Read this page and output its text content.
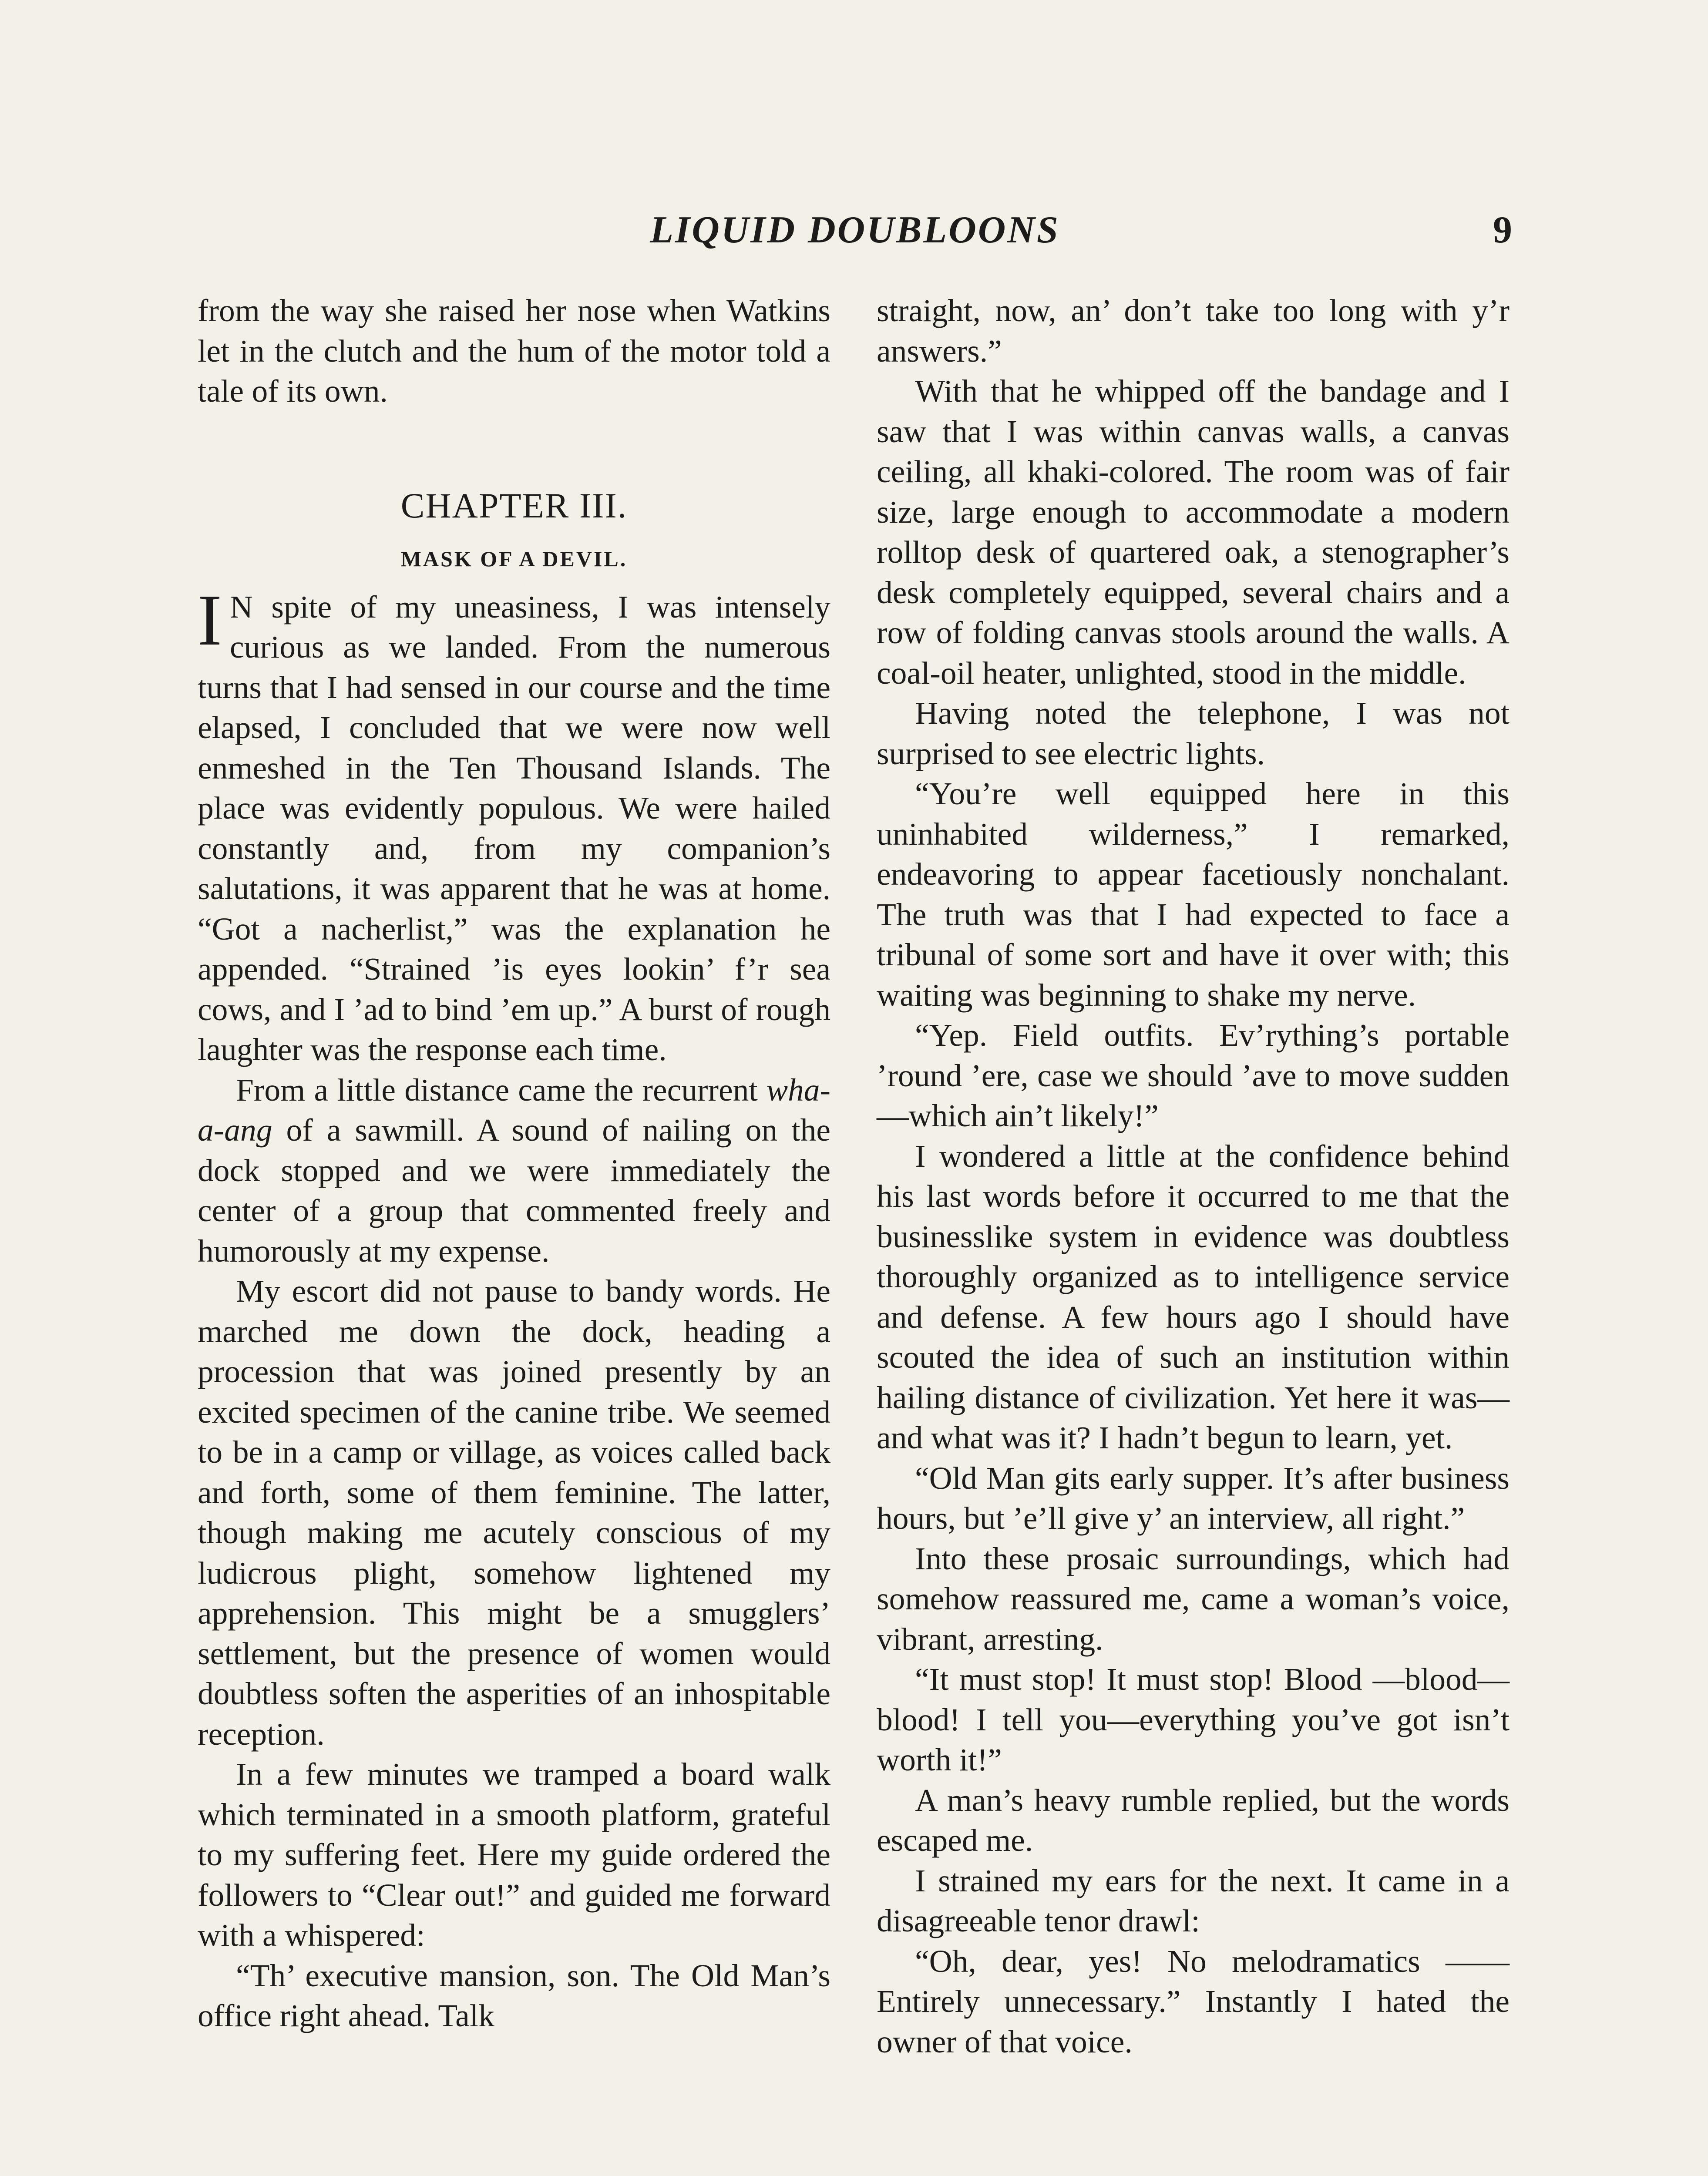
LIQUID DOUBLOONS	9

from the way she raised her nose when Watkins let in the clutch and the hum of the motor told a tale of its own.

CHAPTER III.
MASK OF A DEVIL.

I N spite of my uneasiness, I was intensely curious as we landed. From the numerous turns that I had sensed in our course and the time elapsed, I concluded that we were now well enmeshed in the Ten Thousand Islands. The place was evidently populous. We were hailed constantly and, from my companion’s salutations, it was apparent that he was at home. “Got a nacherlist,” was the explanation he appended. “Strained ’is eyes lookin’ f’r sea cows, and I ’ad to bind ’em up.” A burst of rough laughter was the response each time.

From a little distance came the recurrent wha-a-ang of a sawmill. A sound of nailing on the dock stopped and we were immediately the center of a group that commented freely and humorously at my expense.

My escort did not pause to bandy words. He marched me down the dock, heading a procession that was joined presently by an excited specimen of the canine tribe. We seemed to be in a camp or village, as voices called back and forth, some of them feminine. The latter, though making me acutely conscious of my ludicrous plight, somehow lightened my apprehension. This might be a smugglers’ settlement, but the presence of women would doubtless soften the asperities of an inhospitable reception.

In a few minutes we tramped a board walk which terminated in a smooth platform, grateful to my suffering feet. Here my guide ordered the followers to “Clear out!” and guided me forward with a whispered:

“Th’ executive mansion, son. The Old Man’s office right ahead. Talk

straight, now, an’ don’t take too long with y’r answers.”

With that he whipped off the bandage and I saw that I was within canvas walls, a canvas ceiling, all khaki-colored. The room was of fair size, large enough to accommodate a modern rolltop desk of quartered oak, a stenographer’s desk completely equipped, several chairs and a row of folding canvas stools around the walls. A coal-oil heater, unlighted, stood in the middle.

Having noted the telephone, I was not surprised to see electric lights.

“You’re well equipped here in this uninhabited wilderness,” I remarked, endeavoring to appear facetiously nonchalant. The truth was that I had expected to face a tribunal of some sort and have it over with; this waiting was beginning to shake my nerve.

“Yep. Field outfits. Ev’rything’s portable ’round ’ere, case we should ’ave to move sudden—which ain’t likely!”

I wondered a little at the confidence behind his last words before it occurred to me that the businesslike system in evidence was doubtless thoroughly organized as to intelligence service and defense. A few hours ago I should have scouted the idea of such an institution within hailing distance of civilization. Yet here it was—and what was it? I hadn’t begun to learn, yet.

“Old Man gits early supper. It’s after business hours, but ’e’ll give y’ an interview, all right.”

Into these prosaic surroundings, which had somehow reassured me, came a woman’s voice, vibrant, arresting.

“It must stop! It must stop! Blood —blood—blood! I tell you—everything you’ve got isn’t worth it!”

A man’s heavy rumble replied, but the words escaped me.

I strained my ears for the next. It came in a disagreeable tenor drawl:

“Oh, dear, yes! No melodramatics —— Entirely unnecessary.” Instantly I hated the owner of that voice.
